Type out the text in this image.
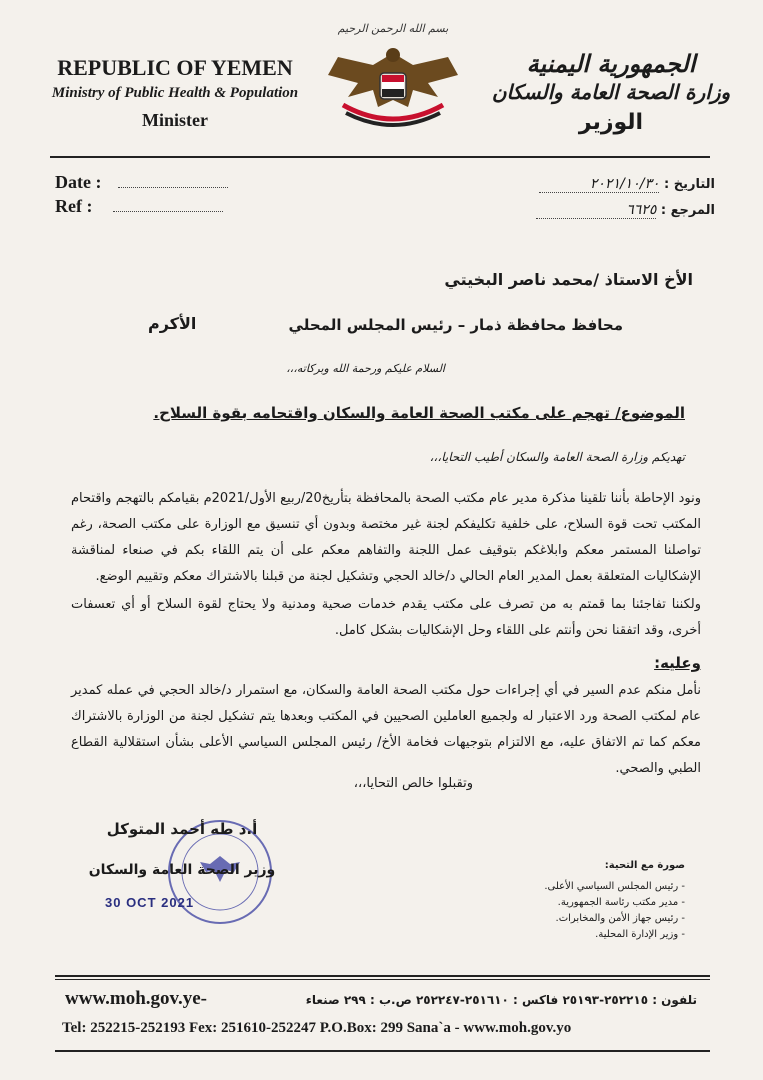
REPUBLIC OF YEMEN
Ministry of Public Health & Population
Minister
بسم الله الرحمن الرحيم
الجمهورية اليمنية
وزارة الصحة العامة والسكان
الوزير
Date :
Ref :
التاريخ : ٢٠٢١/١٠/٣٠
المرجع : ٦٦٢٥
الأخ الاستاذ /محمد ناصر البخيتي
محافظ محافظة ذمار – رئيس المجلس المحلي
الأكرم
السلام عليكم ورحمة الله وبركاته،،،
الموضوع/ تهجم على مكتب الصحة العامة والسكان واقتحامه بقوة السلاح.
تهديكم وزارة الصحة العامة والسكان أطيب التحايا،،،
ونود الإحاطة بأننا تلقينا مذكرة مدير عام مكتب الصحة بالمحافظة بتأريخ20/ربيع الأول/2021م بقيامكم بالتهجم واقتحام المكتب تحت قوة السلاح، على خلفية تكليفكم لجنة غير مختصة وبدون أي تنسيق مع الوزارة على مكتب الصحة، رغم تواصلنا المستمر معكم وابلاغكم بتوقيف عمل اللجنة والتفاهم معكم على أن يتم اللقاء بكم في صنعاء لمناقشة الإشكاليات المتعلقة بعمل المدير العام الحالي د/خالد الحجي وتشكيل لجنة من قبلنا بالاشتراك معكم وتقييم الوضع.
ولكننا تفاجئنا بما قمتم به من تصرف على مكتب يقدم خدمات صحية ومدنية ولا يحتاج لقوة السلاح أو أي تعسفات أخرى، وقد اتفقنا نحن وأنتم على اللقاء وحل الإشكاليات بشكل كامل.
وعليه:
نأمل منكم عدم السير في أي إجراءات حول مكتب الصحة العامة والسكان، مع استمرار د/خالد الحجي في عمله كمدير عام لمكتب الصحة ورد الاعتبار له ولجميع العاملين الصحيين في المكتب وبعدها يتم تشكيل لجنة من الوزارة بالاشتراك معكم كما تم الاتفاق عليه، مع الالتزام بتوجيهات فخامة الأخ/ رئيس المجلس السياسي الأعلى بشأن استقلالية القطاع الطبي والصحي.
وتقبلوا خالص التحايا،،،
أ.د طه أحمد المتوكل
وزير الصحة العامة والسكان
30 OCT 2021
صورة مع التحية:
- رئيس المجلس السياسي الأعلى.
- مدير مكتب رئاسة الجمهورية.
- رئيس جهاز الأمن والمخابرات.
- وزير الإدارة المحلية.
www.moh.gov.ye-	تلفون : ٢٥٢٢١٥-٢٥١٩٣ فاكس : ٢٥١٦١٠-٢٥٢٢٤٧ ص.ب : ٢٩٩ صنعاء
Tel: 252215-252193 Fex: 251610-252247 P.O.Box: 299 Sana`a - www.moh.gov.yo
